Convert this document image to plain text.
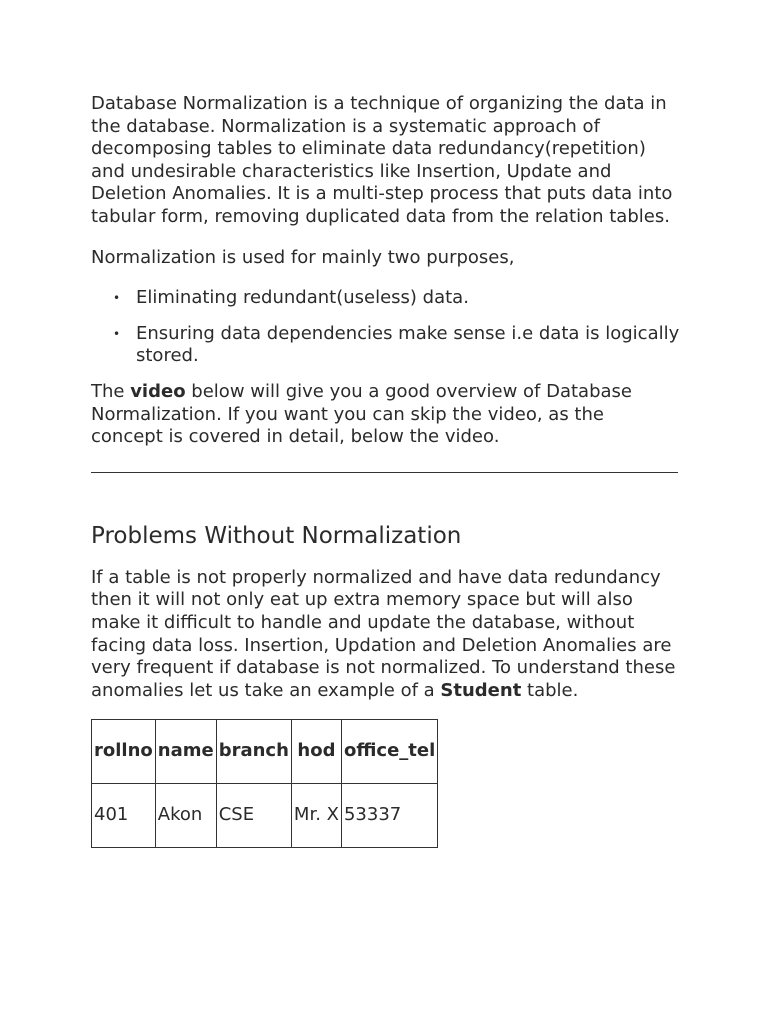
Database Normalization is a technique of organizing the data in the database. Normalization is a systematic approach of decomposing tables to eliminate data redundancy(repetition) and undesirable characteristics like Insertion, Update and Deletion Anomalies. It is a multi-step process that puts data into tabular form, removing duplicated data from the relation tables.

Normalization is used for mainly two purposes,

• Eliminating redundant(useless) data.
• Ensuring data dependencies make sense i.e data is logically stored.

The video below will give you a good overview of Database Normalization. If you want you can skip the video, as the concept is covered in detail, below the video.

Problems Without Normalization

If a table is not properly normalized and have data redundancy then it will not only eat up extra memory space but will also make it difficult to handle and update the database, without facing data loss. Insertion, Updation and Deletion Anomalies are very frequent if database is not normalized. To understand these anomalies let us take an example of a Student table.

rollno	name	branch	hod	office_tel
401	Akon	CSE	Mr. X	53337
